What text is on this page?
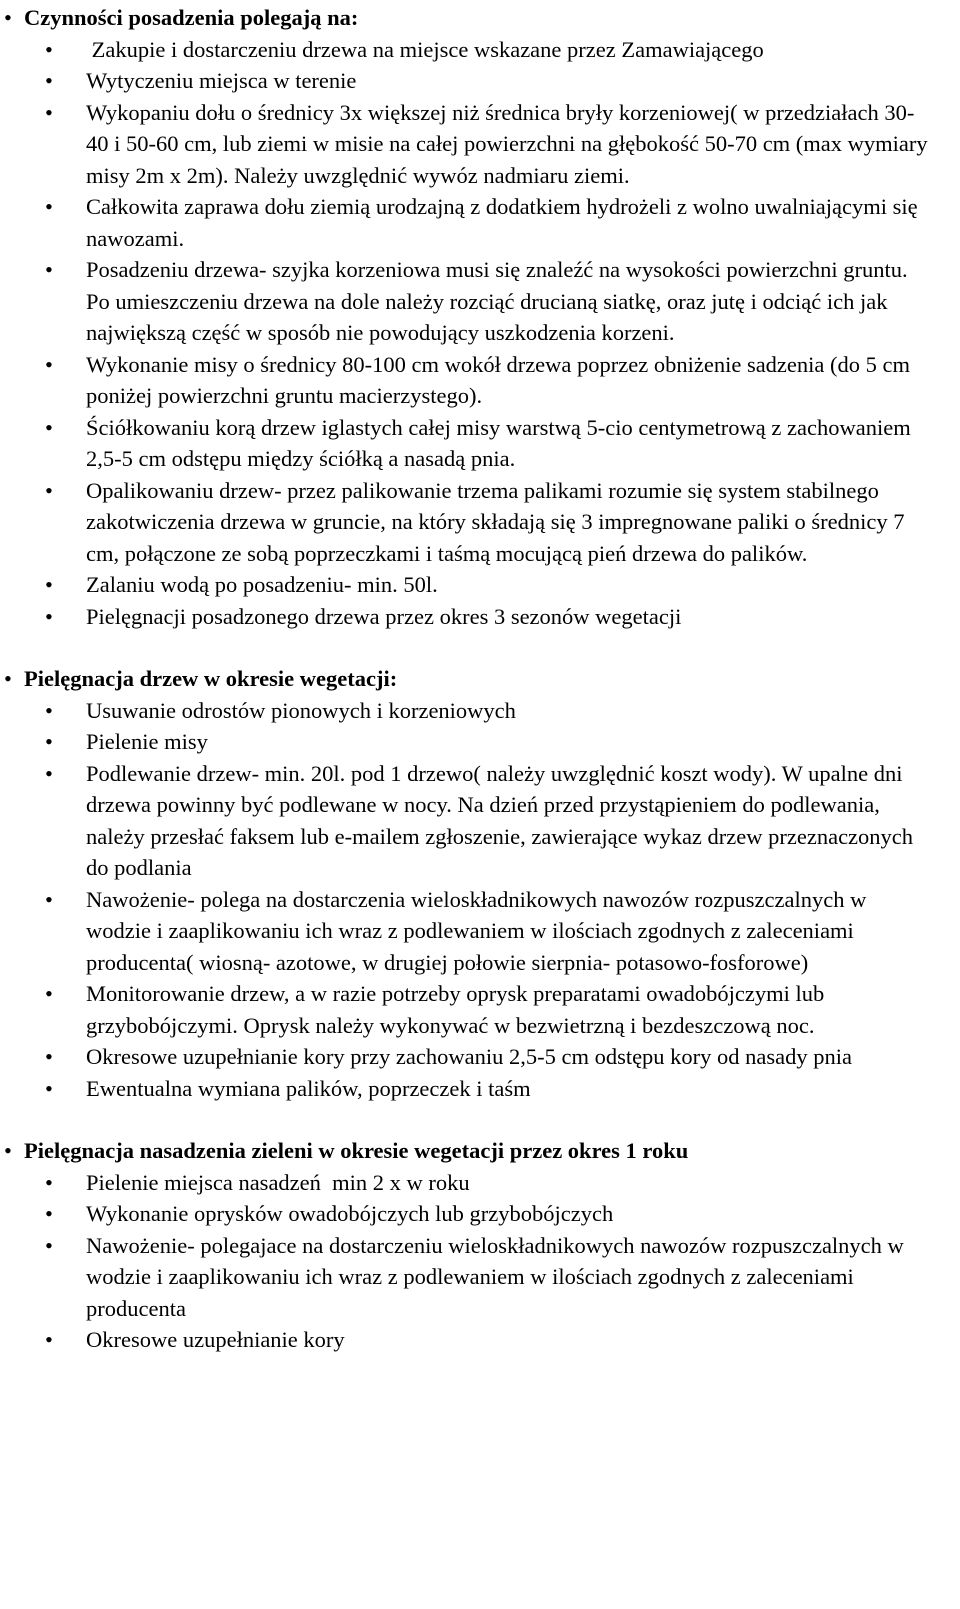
• Czynności posadzenia polegają na:

• Zakupie i dostarczeniu drzewa na miejsce wskazane przez Zamawiającego
• Wytyczeniu miejsca w terenie
• Wykopaniu dołu o średnicy 3x większej niż średnica bryły korzeniowej( w przedziałach 30-40 i 50-60 cm, lub ziemi w misie na całej powierzchni na głębokość 50-70 cm (max wymiary misy 2m x 2m). Należy uwzględnić wywóz nadmiaru ziemi.
• Całkowita zaprawa dołu ziemią urodzajną z dodatkiem hydrożeli z wolno uwalniającymi się nawozami.
• Posadzeniu drzewa- szyjka korzeniowa musi się znaleźć na wysokości powierzchni gruntu. Po umieszczeniu drzewa na dole należy rozciąć drucianą siatkę, oraz jutę i odciąć ich jak największą część w sposób nie powodujący uszkodzenia korzeni.
• Wykonanie misy o średnicy 80-100 cm wokół drzewa poprzez obniżenie sadzenia (do 5 cm poniżej powierzchni gruntu macierzystego).
• Ściółkowaniu korą drzew iglastych całej misy warstwą 5-cio centymetrową z zachowaniem 2,5-5 cm odstępu między ściółką a nasadą pnia.
• Opalikowaniu drzew- przez palikowanie trzema palikami rozumie się system stabilnego zakotwiczenia drzewa w gruncie, na który składają się 3 impregnowane paliki o średnicy 7 cm, połączone ze sobą poprzeczkami i taśmą mocującą pień drzewa do palików.
• Zalaniu wodą po posadzeniu- min. 50l.
• Pielęgnacji posadzonego drzewa przez okres 3 sezonów wegetacji

• Pielęgnacja drzew w okresie wegetacji:

• Usuwanie odrostów pionowych i korzeniowych
• Pielenie misy
• Podlewanie drzew- min. 20l. pod 1 drzewo( należy uwzględnić koszt wody). W upalne dni drzewa powinny być podlewane w nocy. Na dzień przed przystąpieniem do podlewania, należy przesłać faksem lub e-mailem zgłoszenie, zawierające wykaz drzew przeznaczonych do podlania
• Nawożenie- polega na dostarczenia wieloskładnikowych nawozów rozpuszczalnych w wodzie i zaaplikowaniu ich wraz z podlewaniem w ilościach zgodnych z zaleceniami producenta( wiosną- azotowe, w drugiej połowie sierpnia- potasowo-fosforowe)
• Monitorowanie drzew, a w razie potrzeby oprysk preparatami owadobójczymi lub grzybobójczymi. Oprysk należy wykonywać w bezwietrzną i bezdeszczową noc.
• Okresowe uzupełnianie kory przy zachowaniu 2,5-5 cm odstępu kory od nasady pnia
• Ewentualna wymiana palików, poprzeczek i taśm

• Pielęgnacja nasadzenia zieleni w okresie wegetacji przez okres 1 roku

• Pielenie miejsca nasadzeń  min 2 x w roku
• Wykonanie oprysków owadobójczych lub grzybobójczych
• Nawożenie- polegajace na dostarczeniu wieloskładnikowych nawozów rozpuszczalnych w wodzie i zaaplikowaniu ich wraz z podlewaniem w ilościach zgodnych z zaleceniami producenta
• Okresowe uzupełnianie kory
